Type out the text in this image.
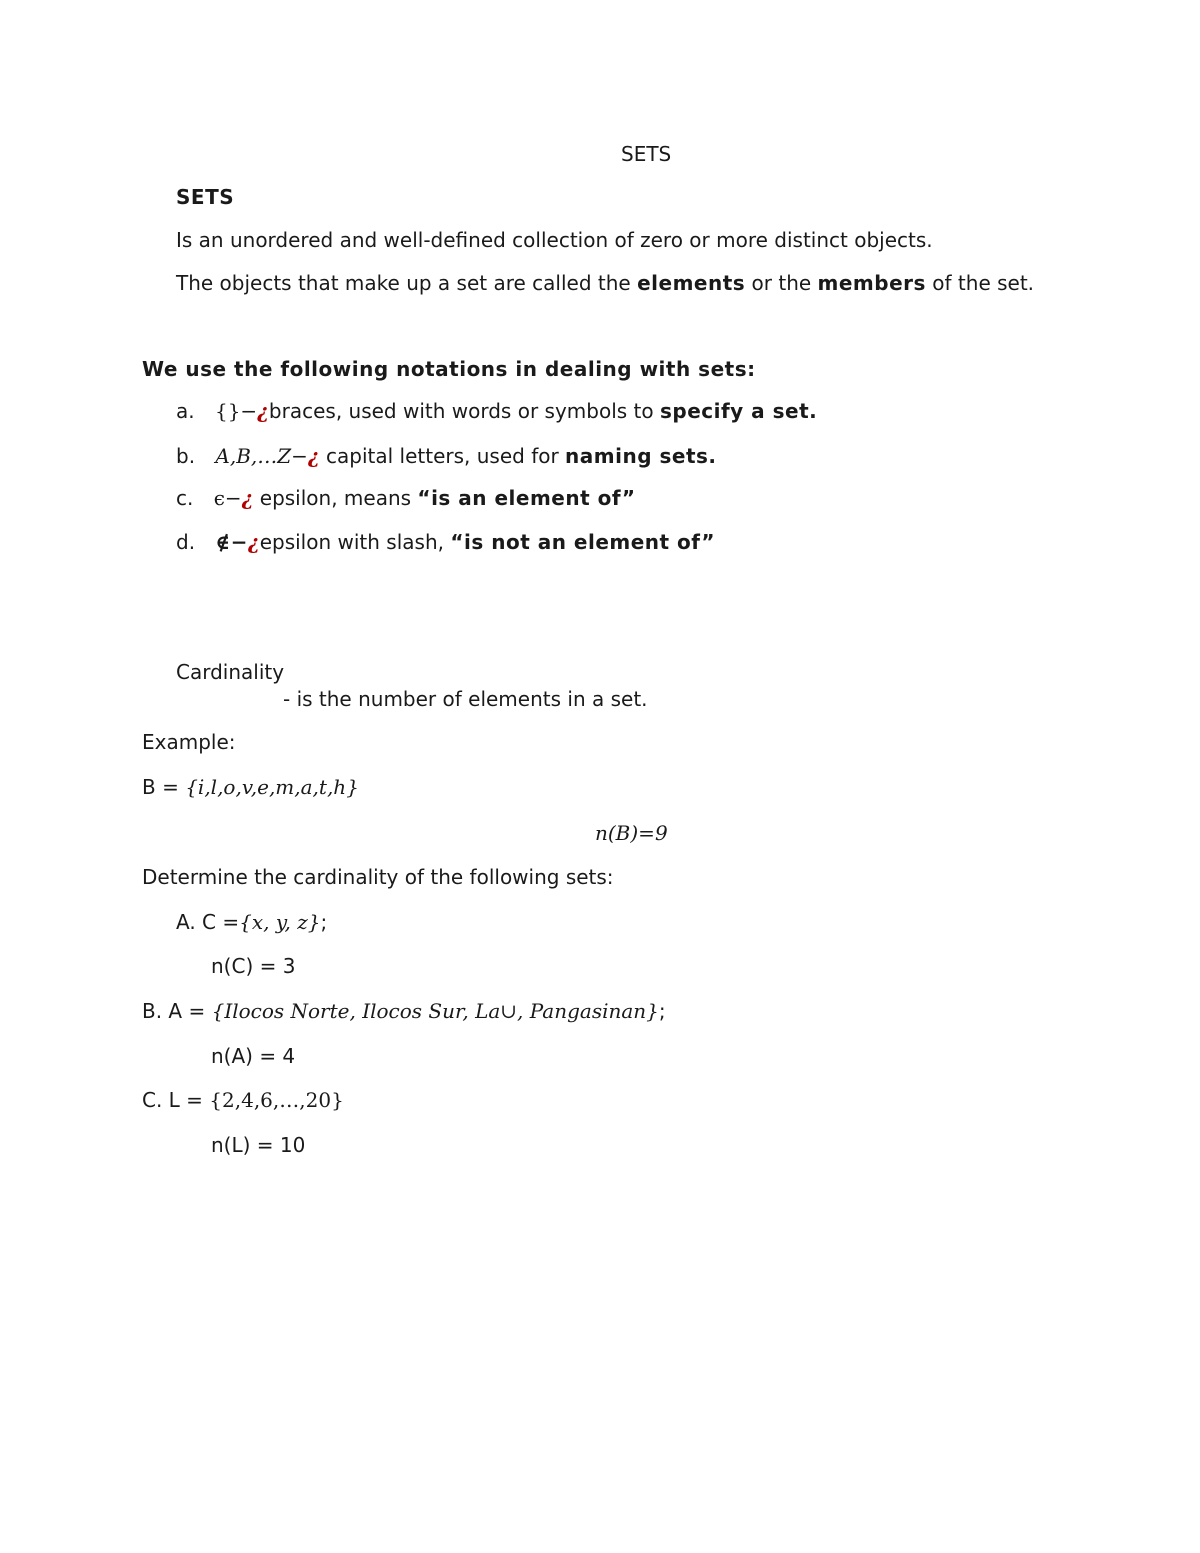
SETS
SETS
Is an unordered and well-defined collection of zero or more distinct objects.
The objects that make up a set are called the elements or the members of the set.
We use the following notations in dealing with sets:
a. {}−¿braces, used with words or symbols to specify a set.
b. A,B,…Z−¿ capital letters, used for naming sets.
c. ϵ−¿ epsilon, means “is an element of”
d. ∉−¿epsilon with slash, “is not an element of”
Cardinality
- is the number of elements in a set.
Example:
B = {i,l,o,v,e,m,a,t,h}
n(B)=9
Determine the cardinality of the following sets:
A. C ={x, y, z};
n(C) = 3
B. A = {Ilocos Norte, Ilocos Sur, La∪, Pangasinan};
n(A) = 4
C. L = {2,4,6,…,20}
n(L) = 10
